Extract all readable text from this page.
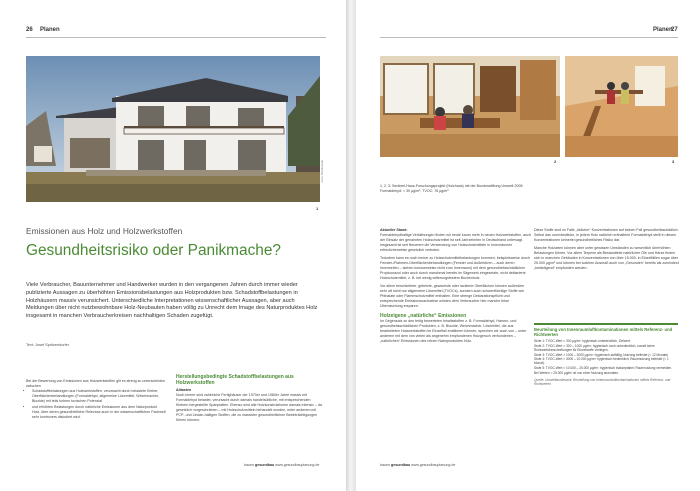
26 Planen
Foto: Bartkowiak
1
Emissionen aus Holz und Holzwerkstoffen
Gesundheitsrisiko oder Panikmache?
Viele Verbraucher, Bauunternehmer und Handwerker wurden in den vergangenen Jahren durch immer wieder publizierte Aussagen zu überhöhten Emissionsbelastungen aus Holzprodukten bzw. Schadstoffbelastungen in Holzhäusern massiv verunsichert. Unterschiedliche Interpretationen wissenschaftlicher Aussagen, aber auch Meldungen über nicht nutzbewohnbare Holz-Neubauten haben völlig zu Unrecht dem Image des Naturproduktes Holz insgesamt in manchen Verbraucherkreisen nachhaltigen Schaden zugefügt.
Text: Josef Spritzendorfer
Bei der Bewertung von Emissionen aus Holzwerkstoffen gilt es streng zu unterscheiden zwischen
• Schadstoffbelastungen aus Holzwerkstoffen, verursacht durch belastete Kleber, Oberflächenbehandlungen (Formaldehyd, allgemeine Lösemittel, Weichmacher, Biozide) mit teils hohem toxischen Potenzial
• und erhöhten Belastungen durch natürliche Emissionen aus dem Naturprodukt Holz, über deren gesundheitliche Relevanz auch in der wissenschaftlichen Fachwelt sehr kontrovers diskutiert wird.
Herstellungsbedingte Schadstoffbelastungen aus Holzwerkstoffen
Altlasten
Noch immer sind zahlreiche Fertighäuser der 1970er und 1980er Jahre massiv mit Formaldehyd belastet, verursacht durch damals handelsübliche, mit entsprechenden Klebern hergestellte Spanplatten. Ebenso sind alle Holzkonstruktionen damals intensiv – da gesetzlich vorgeschrieben – mit Holzschutzmitteln behandelt worden, unter anderem mit PCP- und Lindan-haltigen Stoffen, die zu massiven gesundheitlichen Beeinträchtigungen führen können.
bauen gesundbau www.gesundbauplanung.de
Planen
27
2	3
1, 2, 3: Sentinel-Haus-Forschungsprojekt (Holzhaus) mit der Bundesstiftung Umwelt 2005: Formaldehyd: < 30 µg/m³, TVOC: 76 µg/m³
Aktueller Stand:
Formaldehydhaltige Verklebungen finden wir heute kaum mehr in neuen Holzwerkstoffen, auch der Einsatz der genannten Holzschutzmittel ist seit Jahrzehnten in Deutschland untersagt. Insgesamt ist seit Neuerem die Verwendung von Holzschutzmitteln in Innenräumen erfreulicherweise gesetzlich verboten.
Trotzdem kann es noch immer zu Holzschutzmittelbelastungen kommen, beispielsweise durch Fenster-/Rahmen-Oberflächenbehandlungen (Fenster und Außentüren – auch deren Innenseiten – stehen kurioserweise nicht zum Innenraum) mit dem gesundheitsschädlichen Propiconazol oder auch durch manchmal bereits im Sägewerk eingesetzte, nicht deklarierte Holzschutzmittel, z. B. bei wenig witterungsfestem Buchenholz.
Vor allem beschichtete, gebeizte, gewachste oder lackierte Oberflächen können außerdem sehr oft nicht nur allgemeine Lösemittel (TVOCs), sondern auch schwerflüchtige Stoffe wie Phthalate oder Flammschutzmittel enthalten. Eine strenge Deklarationspflicht und entsprechende Emissionsnachweise würden dem Verbraucher hier manche böse Überraschung ersparen.
Holzeigene „natürliche“ Emissionen
Im Gegensatz zu den fertig bewerteten Inhaltsstoffen z. B. Formaldehyd, Harnen- und gesundheitsschädlichen Produkten, z. B. Biozide, Weichmacher, Lösemittel, die aus bearbeiteten Holzwerkstoffen im Einzelfall emittieren können, sprechen wir auch von – unter anderem mit dem von vielen als angenehm empfundenen Holzgeruch verbundenen – „natürlichen“ Emissionen des reinen Naturproduktes Holz.
Diese Stoffe sind im Falle „üblicher“ Konzentrationen auf keinen Fall gesundheitsschädlich. Selbst das unverändliche, in jedem Holz natürlich enthaltene Formaldehyd stellt in diesen Konzentrationen keinerlei gesundheitliches Risiko dar.
Manche Holzarten können aber unter gewissen Umständen zu wesentlich überhöhten Belastungen führen. Vor allem Terpene als Bestandteile natürlicher Öle und Harze finden sich in manchen Gebäuden in Konzentrationen von über 15.000, in Einzelfällen sogar über 25.000 µg/m³ und können bei solchen Ausmaß auch von „Gesunden“ bereits als zumindest „belästigend“ empfunden werden.
Beurteilung von Innenraumluftkontaminationen mittels Referenz- und Richtwerten
Stufe 1: TVOC-Wert < 300 µg/m³: hygienisch unbedenklich, Zielwert.
Stufe 2: TVOC-Wert > 300 – 1000 µg/m³: hygienisch noch unbedenklich, soweit keine Richtwertüberschreitungen für Einzelstoffe vorliegen.
Stufe 3: TVOC-Wert > 1000 – 3000 µg/m³: hygienisch auffällig; Nutzung befristet (< 12 Monate)
Stufe 4: TVOC-Wert > 3000 – 10.000 µg/m³: hygienisch bedenklich; Raumnutzung befristet (< 1 Monat).
Stufe 5: TVOC-Wert > 10.000 – 25.000 µg/m³: hygienisch inakzeptabel; Raumnutzung vermeiden.
Bei Werten > 25.000 µg/m³ ist von einer Nutzung abzuraten.
Quelle: Umweltbundesamt, Beurteilung von Innenraumluftkontaminationen mittels Referenz- und Richtwerten
bauen gesundbau www.gesundbauplanung.de
